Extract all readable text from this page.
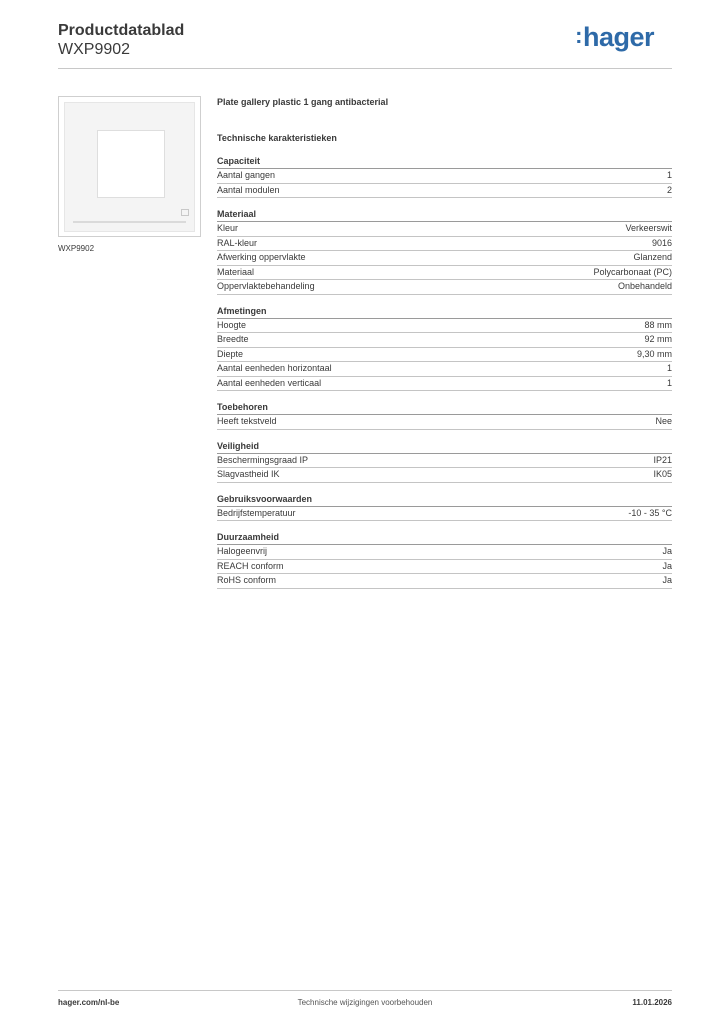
Productdatablad
WXP9902
:hager
WXP9902
Plate gallery plastic 1 gang antibacterial
Technische karakteristieken
Capaciteit
Aantal gangen	1
Aantal modulen	2
Materiaal
Kleur	Verkeerswit
RAL-kleur	9016
Afwerking oppervlakte	Glanzend
Materiaal	Polycarbonaat (PC)
Oppervlaktebehandeling	Onbehandeld
Afmetingen
Hoogte	88 mm
Breedte	92 mm
Diepte	9,30 mm
Aantal eenheden horizontaal	1
Aantal eenheden verticaal	1
Toebehoren
Heeft tekstveld	Nee
Veiligheid
Beschermingsgraad IP	IP21
Slagvastheid IK	IK05
Gebruiksvoorwaarden
Bedrijfstemperatuur	-10 - 35 °C
Duurzaamheid
Halogeenvrij	Ja
REACH conform	Ja
RoHS conform	Ja
hager.com/nl-be	Technische wijzigingen voorbehouden	11.01.2026
